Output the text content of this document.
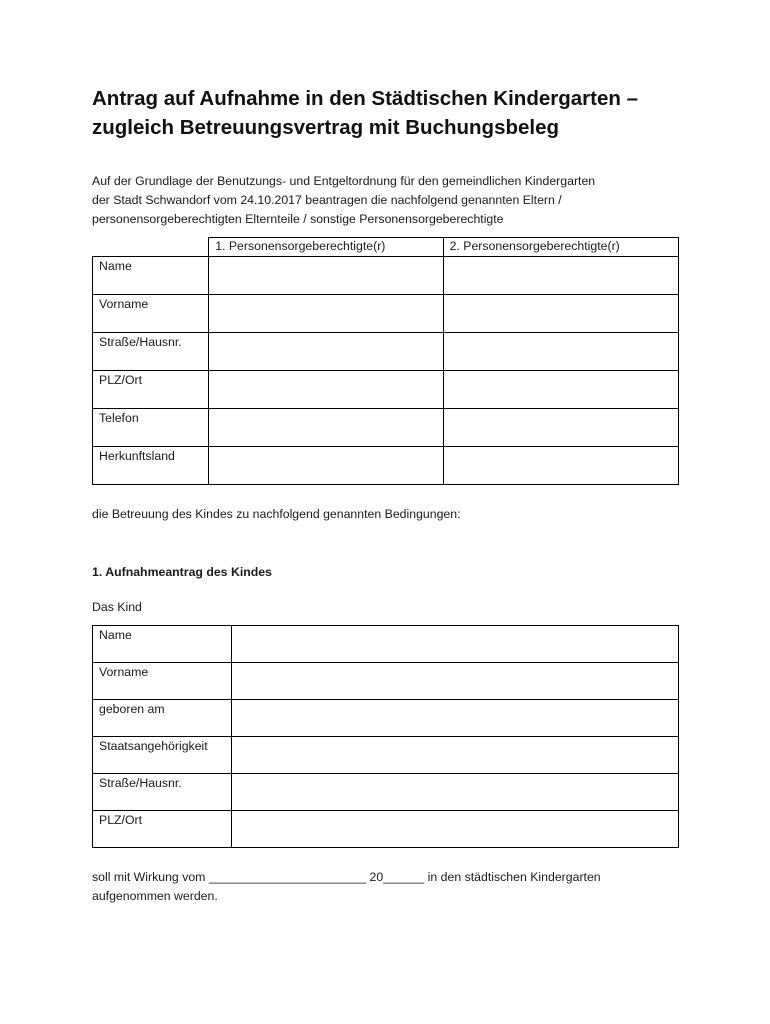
Antrag auf Aufnahme in den Städtischen Kindergarten –
zugleich Betreuungsvertrag mit Buchungsbeleg
Auf der Grundlage der Benutzungs- und Entgeltordnung für den gemeindlichen Kindergarten
der Stadt Schwandorf vom 24.10.2017 beantragen die nachfolgend genannten Eltern /
personensorgeberechtigten Elternteile / sonstige Personensorgeberechtigte
	1. Personensorgeberechtigte(r)	2. Personensorgeberechtigte(r)
Name		
Vorname		
Straße/Hausnr.		
PLZ/Ort		
Telefon		
Herkunftsland		
die Betreuung des Kindes zu nachfolgend genannten Bedingungen:
1. Aufnahmeantrag des Kindes
Das Kind
Name	
Vorname	
geboren am	
Staatsangehörigkeit	
Straße/Hausnr.	
PLZ/Ort	
soll mit Wirkung vom _______________________ 20______ in den städtischen Kindergarten
aufgenommen werden.
